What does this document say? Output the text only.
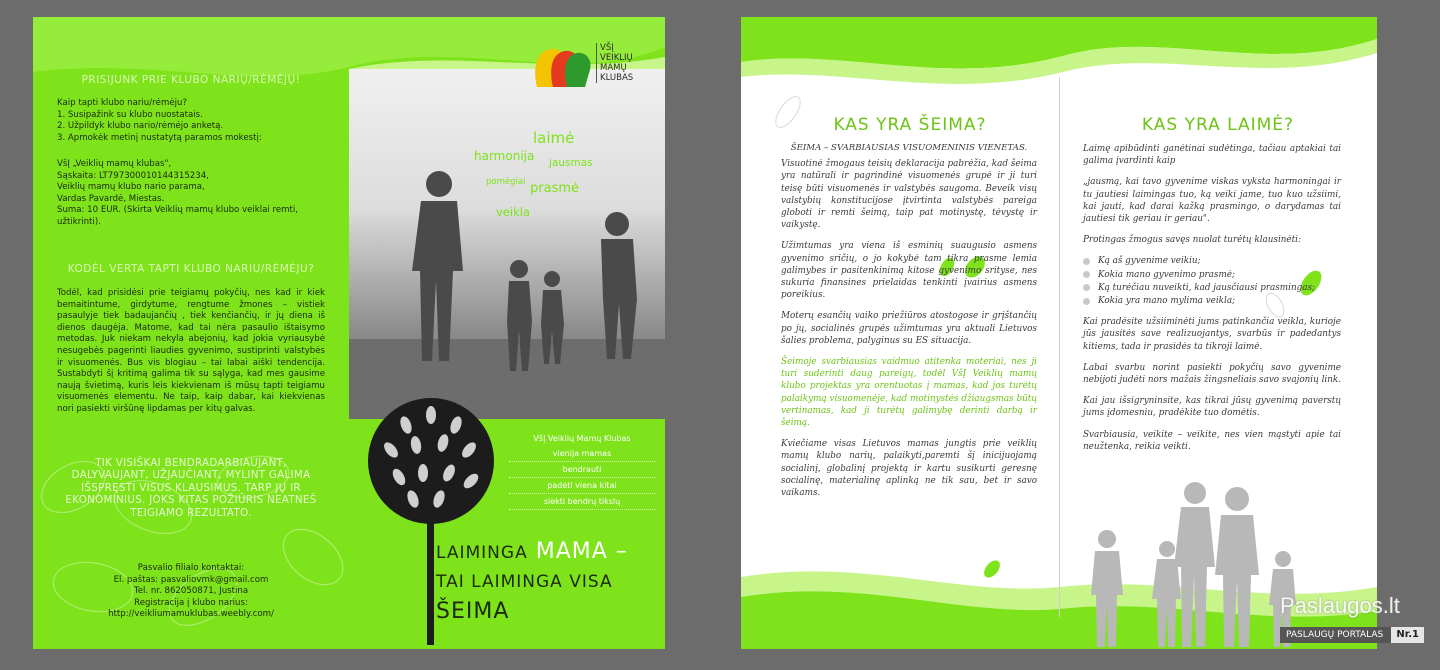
PRISIJUNK PRIE KLUBO NARIŲ/RĖMĖJŲ!
Kaip tapti klubo nariu/rėmėju?
1. Susipažink su klubo nuostatais.
2. Užpildyk klubo nario/rėmėjo anketą.
3. Apmokėk metinį nustatytą paramos mokestį:
VšĮ „Veiklių mamų klubas",
Sąskaita: LT797300010144315234,
Veiklių mamų klubo nario parama,
Vardas Pavardė, Miestas.
Suma: 10 EUR. (Skirta Veiklių mamų klubo veiklai remti, užtikrinti).
KODĖL VERTA TAPTI KLUBO NARIU/RĖMĖJU?
Todėl, kad prisidėsi prie teigiamų pokyčių, nes kad ir kiek bemaitintume, girdytume, rengtume žmones – vistiek pasaulyje tiek badaujančių , tiek kenčiančių, ir jų diena iš dienos daugėja. Matome, kad tai nėra pasaulio ištaisymo metodas. Juk niekam nekyla abejonių, kad jokia vyriausybė nesugebės pagerinti liaudies gyvenimo, sustiprinti valstybės ir visuomenės. Bus vis blogiau – tai labai aiški tendencija. Sustabdyti šį kritimą galima tik su sąlyga, kad mes gausime naują švietimą, kuris leis kiekvienam iš mūsų tapti teigiamu visuomenės elementu. Ne taip, kaip dabar, kai kiekvienas nori pasiekti viršūnę lipdamas per kitų galvas.
TIK VISIŠKAI BENDRADARBIAUJANT, DALYVAUJANT, UŽJAUČIANT, MYLINT GALIMA IŠSPRĘSTI VISUS KLAUSIMUS. TARP JŲ IR EKONOMINIUS. JOKS KITAS POŽIŪRIS NEATNEŠ TEIGIAMO REZULTATO.
Pasvalio filialo kontaktai:
El. paštas: pasvaliovmk@gmail.com
Tel. nr. 862050871, Justina
Registracija į klubo narius:
http://veikliumamuklubas.weebly.com/
VŠĮ
VEIKLIŲ
MAMŲ
KLUBAS
laimė
harmonija jausmas
pomėgiai prasmė
veikla
VšĮ Veiklių Mamų Klubas
vienija mamas
bendrauti
padėti viena kitai
siekti bendrų tikslų
LAIMINGA MAMA –
TAI LAIMINGA VISA
ŠEIMA
KAS YRA ŠEIMA?

ŠEIMA – SVARBIAUSIAS VISUOMENINIS VIENETAS.

Visuotinė žmogaus teisių deklaracija pabrėžia, kad šeima yra natūrali ir pagrindinė visuomenės grupė ir ji turi teisę būti visuomenės ir valstybės saugoma. Beveik visų valstybių konstitucijose įtvirtinta valstybės pareiga globoti ir remti šeimą, taip pat motinystę, tėvystę ir vaikystę.

Užimtumas yra viena iš esminių suaugusio asmens gyvenimo sričių, o jo kokybė tam tikra prasme lemia galimybes ir pasitenkinimą kitose gyvenimo srityse, nes sukuria finansines prielaidas tenkinti įvairius asmens poreikius.

Moterų esančių vaiko priežiūros atostogose ir grįštančių po jų, socialinės grupės užimtumas yra aktuali Lietuvos šalies problema, palyginus su ES situacija.

Šeimoje svarbiausias vaidmuo atitenka moteriai, nes ji turi suderinti daug pareigų, todėl VšĮ Veiklių mamų klubo projektas yra orentuotas į mamas, kad jos turėtų palaikymą visuomenėje, kad motinystės džiaugsmas būtų vertinamas, kad ji turėtų galimybę derinti darbą ir šeimą.

Kviečiame visas Lietuvos mamas jungtis prie veiklių mamų klubo narių, palaikyti,paremti šį inicijuojamą socialinį, globalinį projektą ir kartu susikurti geresnę socialinę, materialinę aplinką ne tik sau, bet ir savo vaikams.

KAS YRA LAIMĖ?

Laimę apibūdinti ganėtinai sudėtinga, tačiau aptakiai tai galima įvardinti kaip

„jausmą, kai tavo gyvenime viskas vyksta harmoningai ir tu jautiesi laimingas tuo, ką veiki jame, tuo kuo užsiimi, kai jauti, kad darai kažką prasmingo, o darydamas tai jautiesi tik geriau ir geriau".

Protingas žmogus savęs nuolat turėtų klausinėti:

Ką aš gyvenime veikiu;
Kokia mano gyvenimo prasmė;
Ką turėčiau nuveikti, kad jausčiausi prasmingas;
Kokia yra mano mylima veikla;

Kai pradėsite užsiiminėti jums patinkančia veikla, kurioje jūs jausitės save realizuojantys, svarbūs ir padedantys kitiems, tada ir prasidės ta tikroji laimė.

Labai svarbu norint pasiekti pokyčių savo gyvenime nebijoti judėti nors mažais žingsneliais savo svajonių link.

Kai jau išsigryninsite, kas tikrai jūsų gyvenimą paverstų jums įdomesniu, pradėkite tuo domėtis.

Svarbiausia, veikite – veikite, nes vien mąstyti apie tai neužtenka, reikia veikti.

Paslaugos.lt
PASLAUGŲ PORTALAS	Nr.1
